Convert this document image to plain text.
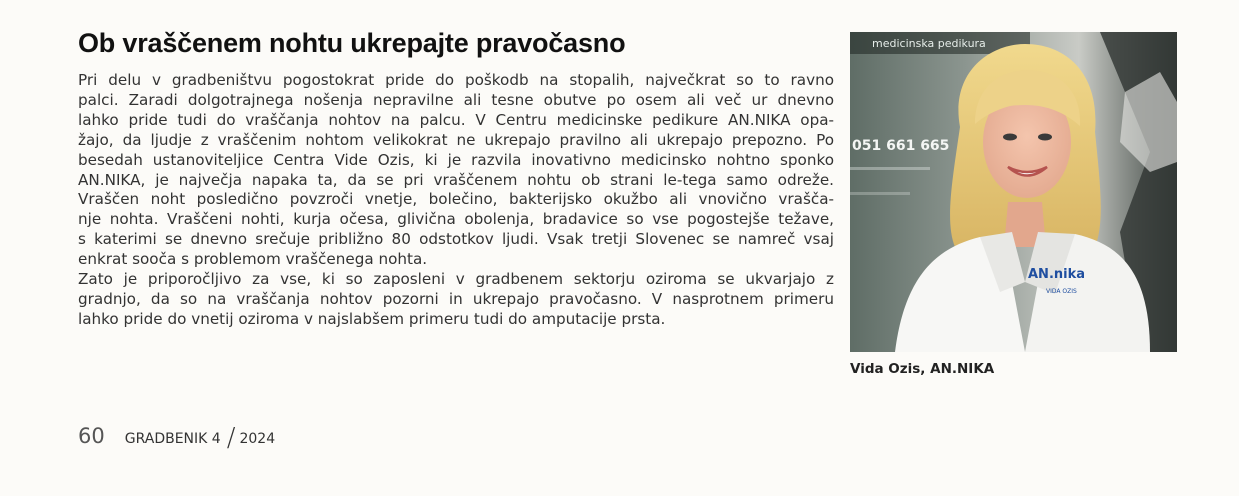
Ob vraščenem nohtu ukrepajte pravočasno

Pri delu v gradbeništvu pogostokrat pride do poškodb na stopalih, največkrat so to ravno
palci. Zaradi dolgotrajnega nošenja nepravilne ali tesne obutve po osem ali več ur dnevno
lahko pride tudi do vraščanja nohtov na palcu. V Centru medicinske pedikure AN.NIKA opa-
žajo, da ljudje z vraščenim nohtom velikokrat ne ukrepajo pravilno ali ukrepajo prepozno. Po
besedah ustanoviteljice Centra Vide Ozis, ki je razvila inovativno medicinsko nohtno sponko
AN.NIKA, je največja napaka ta, da se pri vraščenem nohtu ob strani le-tega samo odreže.
Vraščen noht posledično povzroči vnetje, bolečino, bakterijsko okužbo ali vnovično vrašča-
nje nohta. Vraščeni nohti, kurja očesa, glivična obolenja, bradavice so vse pogostejše težave,
s katerimi se dnevno srečuje približno 80 odstotkov ljudi. Vsak tretji Slovenec se namreč vsaj
enkrat sooča s problemom vraščenega nohta.
Zato je priporočljivo za vse, ki so zaposleni v gradbenem sektorju oziroma se ukvarjajo z
gradnjo, da so na vraščanja nohtov pozorni in ukrepajo pravočasno. V nasprotnem primeru
lahko pride do vnetij oziroma v najslabšem primeru tudi do amputacije prsta.

medicinska pedikura
051 661 665
AN.nika
VIDA OZIS
Vida Ozis, AN.NIKA
60 GRADBENIK 4 / 2024
